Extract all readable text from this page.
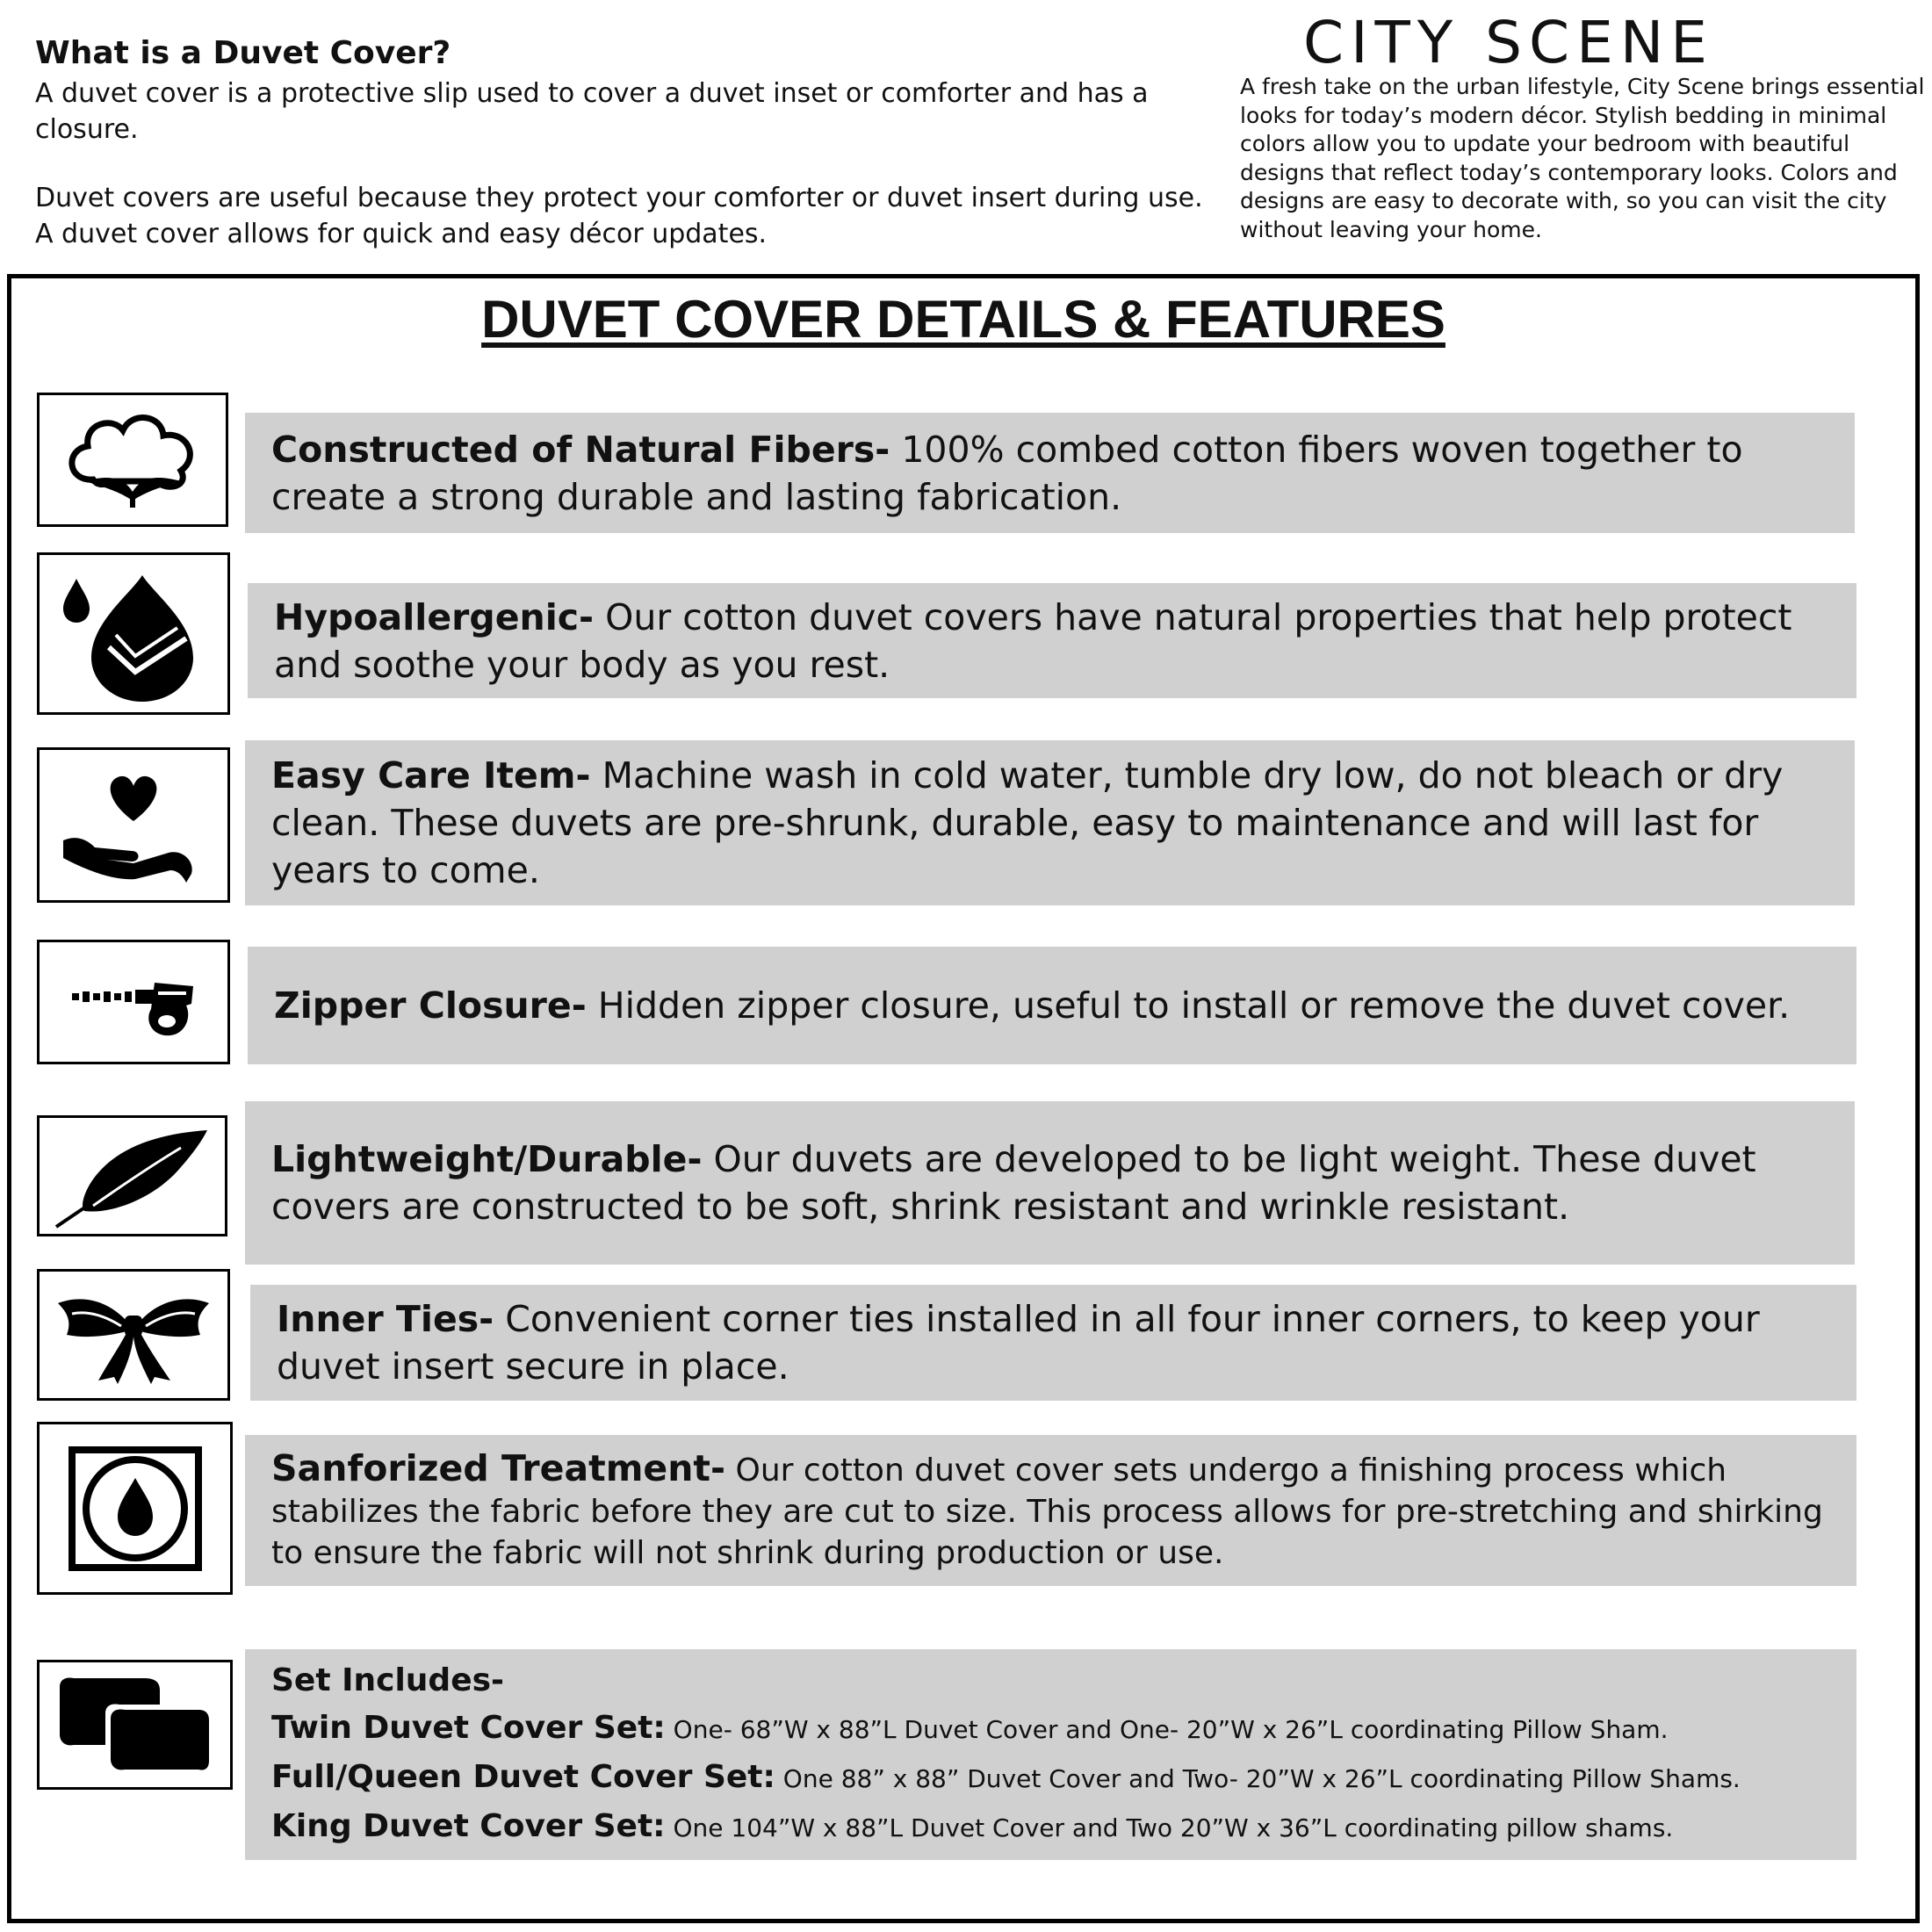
What is a Duvet Cover?

A duvet cover is a protective slip used to cover a duvet inset or comforter and has a closure.

Duvet covers are useful because they protect your comforter or duvet insert during use. A duvet cover allows for quick and easy décor updates.

CITY SCENE

A fresh take on the urban lifestyle, City Scene brings essential looks for today’s modern décor. Stylish bedding in minimal colors allow you to update your bedroom with beautiful designs that reflect today’s contemporary looks. Colors and designs are easy to decorate with, so you can visit the city without leaving your home.

DUVET COVER DETAILS & FEATURES
Constructed of Natural Fibers- 100% combed cotton fibers woven together to create a strong durable and lasting fabrication.
Hypoallergenic- Our cotton duvet covers have natural properties that help protect and soothe your body as you rest.
Easy Care Item- Machine wash in cold water, tumble dry low, do not bleach or dry clean. These duvets are pre-shrunk, durable, easy to maintenance and will last for years to come.
Zipper Closure- Hidden zipper closure, useful to install or remove the duvet cover.
Lightweight/Durable- Our duvets are developed to be light weight. These duvet covers are constructed to be soft, shrink resistant and wrinkle resistant.
Inner Ties- Convenient corner ties installed in all four inner corners, to keep your duvet insert secure in place.
Sanforized Treatment- Our cotton duvet cover sets undergo a finishing process which stabilizes the fabric before they are cut to size. This process allows for pre-stretching and shirking to ensure the fabric will not shrink during production or use.
Set Includes-
Twin Duvet Cover Set: One- 68”W x 88”L Duvet Cover and One- 20”W x 26”L coordinating Pillow Sham.
Full/Queen Duvet Cover Set: One 88” x 88” Duvet Cover and Two- 20”W x 26”L coordinating Pillow Shams.
King Duvet Cover Set: One 104”W x 88”L Duvet Cover and Two 20”W x 36”L coordinating pillow shams.
